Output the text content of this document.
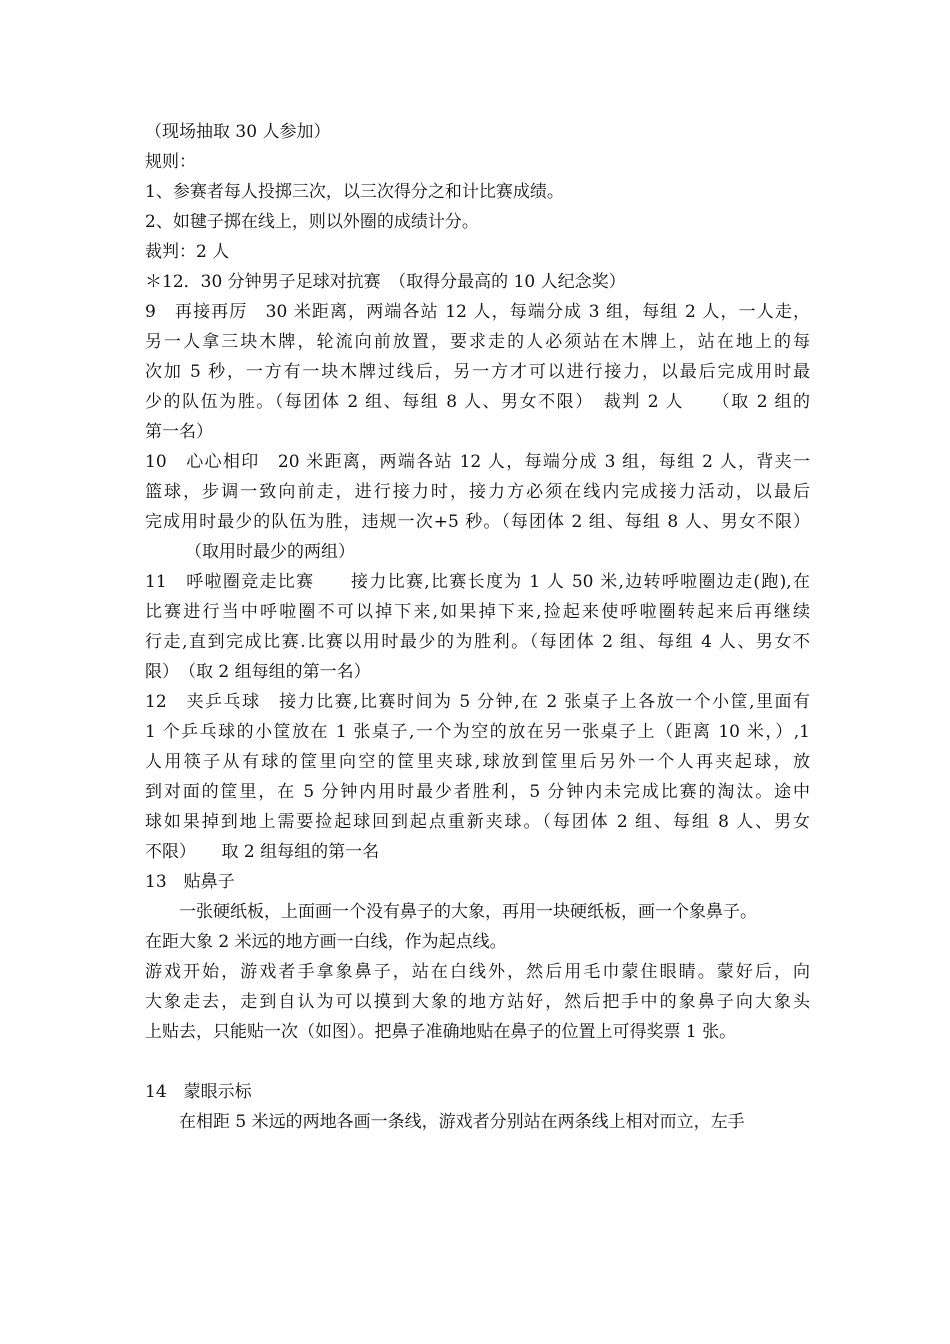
（现场抽取 30 人参加）
规则：
1、参赛者每人投掷三次，以三次得分之和计比赛成绩。
2、如毽子掷在线上，则以外圈的成绩计分。
裁判：2 人
＊12．30 分钟男子足球对抗赛　（取得分最高的 10 人纪念奖）
9　再接再厉　30 米距离，两端各站 12 人，每端分成 3 组，每组 2 人，一人走，
另一人拿三块木牌，轮流向前放置，要求走的人必须站在木牌上，站在地上的每
次加 5 秒，一方有一块木牌过线后，另一方才可以进行接力，以最后完成用时最
少的队伍为胜。（每团体 2 组、每组 8 人、男女不限）　裁判 2 人　　（取 2 组的
第一名）
10　心心相印　20 米距离，两端各站 12 人，每端分成 3 组，每组 2 人，背夹一
篮球，步调一致向前走，进行接力时，接力方必须在线内完成接力活动，以最后
完成用时最少的队伍为胜，违规一次+5 秒。（每团体 2 组、每组 8 人、男女不限）
（取用时最少的两组）
11　呼啦圈竞走比赛　　接力比赛,比赛长度为 1 人 50 米,边转呼啦圈边走(跑),在
比赛进行当中呼啦圈不可以掉下来,如果掉下来,捡起来使呼啦圈转起来后再继续
行走,直到完成比赛.比赛以用时最少的为胜利。（每团体 2 组、每组 4 人、男女不
限）　（取 2 组每组的第一名）
12　夹乒乓球　接力比赛,比赛时间为 5 分钟,在 2 张桌子上各放一个小筐,里面有
1 个乒乓球的小筐放在 1 张桌子,一个为空的放在另一张桌子上（距离 10 米，）,1
人用筷子从有球的筐里向空的筐里夹球,球放到筐里后另外一个人再夹起球，放
到对面的筐里，在 5 分钟内用时最少者胜利，5 分钟内未完成比赛的淘汰。途中
球如果掉到地上需要捡起球回到起点重新夹球。（每团体 2 组、每组 8 人、男女
不限）　　取 2 组每组的第一名
13　贴鼻子
一张硬纸板，上面画一个没有鼻子的大象，再用一块硬纸板，画一个象鼻子。
在距大象 2 米远的地方画一白线，作为起点线。
游戏开始，游戏者手拿象鼻子，站在白线外，然后用毛巾蒙住眼睛。蒙好后，向
大象走去，走到自认为可以摸到大象的地方站好，然后把手中的象鼻子向大象头
上贴去，只能贴一次（如图）。把鼻子准确地贴在鼻子的位置上可得奖票 1 张。
14　蒙眼示标
在相距 5 米远的两地各画一条线，游戏者分别站在两条线上相对而立，左手
